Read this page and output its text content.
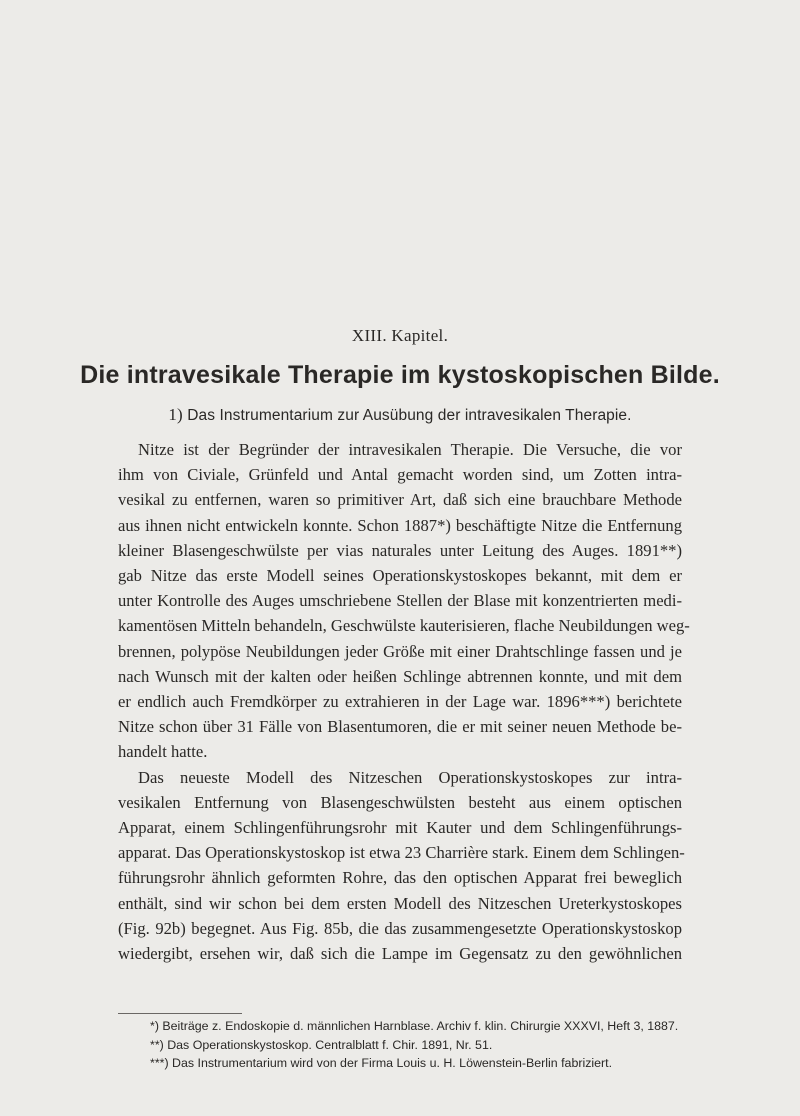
XIII. Kapitel.
Die intravesikale Therapie im kystoskopischen Bilde.
1) Das Instrumentarium zur Ausübung der intravesikalen Therapie.
Nitze ist der Begründer der intravesikalen Therapie. Die Versuche, die vor
ihm von Civiale, Grünfeld und Antal gemacht worden sind, um Zotten intra-
vesikal zu entfernen, waren so primitiver Art, daß sich eine brauchbare Methode
aus ihnen nicht entwickeln konnte. Schon 1887*) beschäftigte Nitze die Entfernung
kleiner Blasengeschwülste per vias naturales unter Leitung des Auges. 1891**)
gab Nitze das erste Modell seines Operationskystoskopes bekannt, mit dem er
unter Kontrolle des Auges umschriebene Stellen der Blase mit konzentrierten medi-
kamentösen Mitteln behandeln, Geschwülste kauterisieren, flache Neubildungen weg-
brennen, polypöse Neubildungen jeder Größe mit einer Drahtschlinge fassen und je
nach Wunsch mit der kalten oder heißen Schlinge abtrennen konnte, und mit dem
er endlich auch Fremdkörper zu extrahieren in der Lage war. 1896***) berichtete
Nitze schon über 31 Fälle von Blasentumoren, die er mit seiner neuen Methode be-
handelt hatte.
Das neueste Modell des Nitzeschen Operationskystoskopes zur intra-
vesikalen Entfernung von Blasengeschwülsten besteht aus einem optischen
Apparat, einem Schlingenführungsrohr mit Kauter und dem Schlingenführungs-
apparat. Das Operationskystoskop ist etwa 23 Charrière stark. Einem dem Schlingen-
führungsrohr ähnlich geformten Rohre, das den optischen Apparat frei beweglich
enthält, sind wir schon bei dem ersten Modell des Nitzeschen Ureterkystoskopes
(Fig. 92b) begegnet. Aus Fig. 85b, die das zusammengesetzte Operationskystoskop
wiedergibt, ersehen wir, daß sich die Lampe im Gegensatz zu den gewöhnlichen
*) Beiträge z. Endoskopie d. männlichen Harnblase. Archiv f. klin. Chirurgie XXXVI, Heft 3, 1887.
**) Das Operationskystoskop. Centralblatt f. Chir. 1891, Nr. 51.
***) Das Instrumentarium wird von der Firma Louis u. H. Löwenstein-Berlin fabriziert.
